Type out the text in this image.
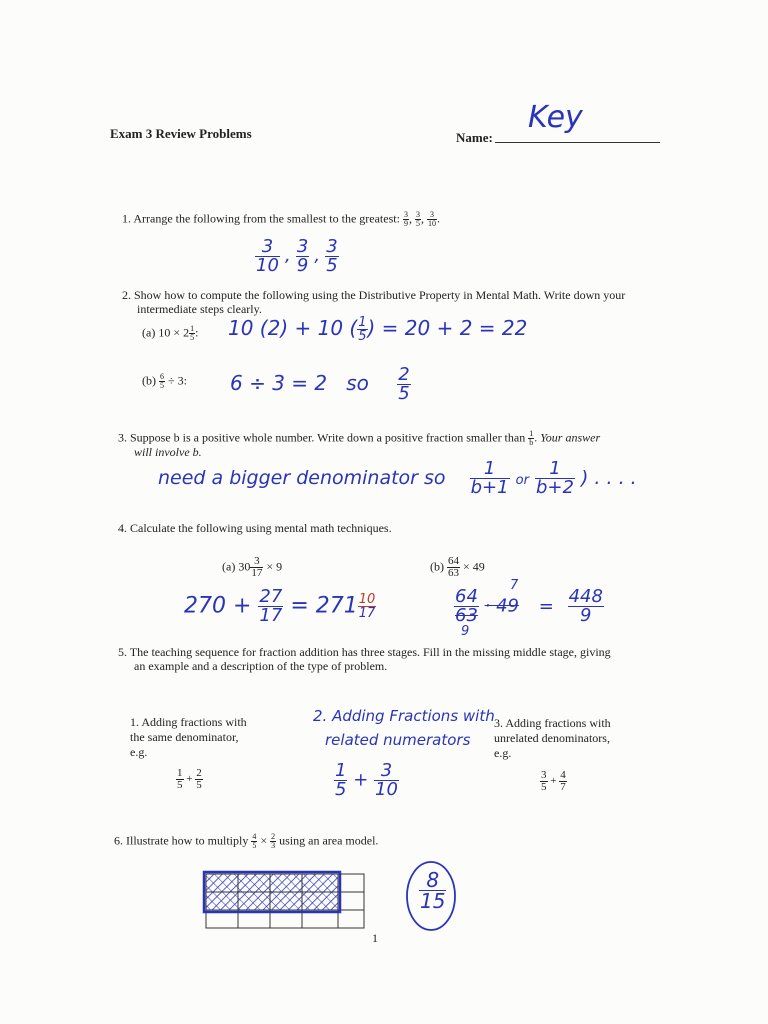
Exam 3 Review Problems	Name:
Key
1. Arrange the following from the smallest to the greatest: $\frac{3}{9}$ , $\frac{3}{5}$ , $\frac{3}{10}$ .
$\frac{3}{10}$ , $\frac{3}{9}$ , $\frac{3}{5}$
2. Show how to compute the following using the Distributive Property in Mental Math. Write down your
intermediate steps clearly.
(a) $10 \times 2 \frac{1}{5}$ : 10 (2) + 10 ( $\frac{1}{5}$ ) = 20 + 2 = 22
$(b) \frac{6}{5} \div 3$: 6 ÷ 3 = 2   so $\frac{2}{5}$
3. Suppose b is a positive whole number. Write down a positive fraction smaller than $\frac{1}{b}$ . Your answer
will involve b.
need a bigger denominator so $\frac{1}{b+1}$ or $\frac{1}{b+2}$ ) . . . .
4. Calculate the following using mental math techniques.
(a) $30 \frac{3}{17} \times 9$
$270 + \frac{27}{17} = 271 \frac{10}{17}$
$(b) \frac{64}{63} \times 49$
7
$\frac{64}{63} \cdot 49 = \frac{448}{9}$
9
5. The teaching sequence for fraction addition has three stages. Fill in the missing middle stage, giving
an example and a description of the type of problem.
1. Adding fractions with
the same denominator,
e.g.
$\frac{1}{5} + \frac{2}{5}$
2. Adding Fractions with
related numerators
$\frac{1}{5} + \frac{3}{10}$
3. Adding fractions with
unrelated denominators,
e.g.
$\frac{3}{5} + \frac{4}{7}$
6. Illustrate how to multiply $\frac{4}{5} \times \frac{2}{3}$ using an area model.
$\frac{8}{15}$
1
